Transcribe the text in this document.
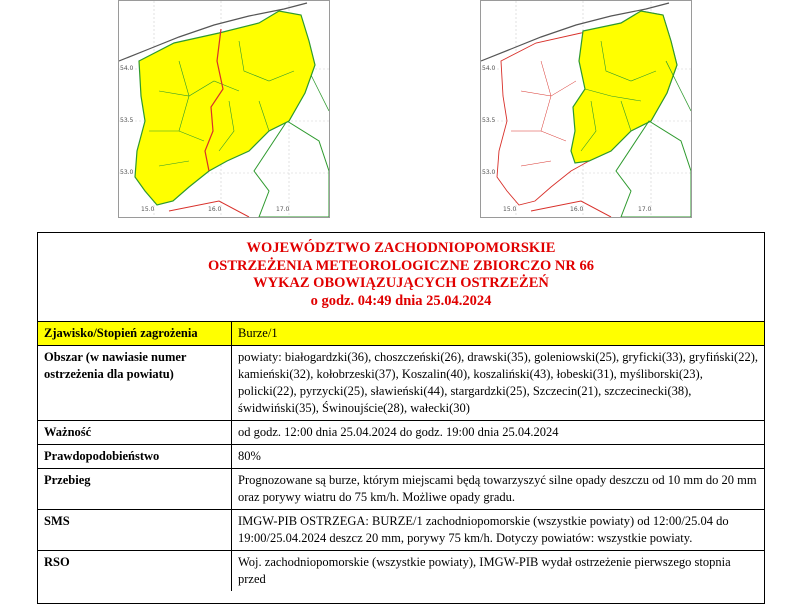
15.0	16.0	17.0
54.0
53.5
53.0
15.0	16.0	17.0
54.0
53.5
53.0
WOJEWÓDZTWO ZACHODNIOPOMORSKIE
OSTRZEŻENIA METEOROLOGICZNE ZBIORCZO NR 66
WYKAZ OBOWIĄZUJĄCYCH OSTRZEŻEŃ
o godz. 04:49 dnia 25.04.2024
Zjawisko/Stopień zagrożenia	Burze/1
Obszar (w nawiasie numer ostrzeżenia dla powiatu)	powiaty: białogardzki(36), choszczeński(26), drawski(35), goleniowski(25), gryficki(33), gryfiński(22), kamieński(32), kołobrzeski(37), Koszalin(40), koszaliński(43), łobeski(31), myśliborski(23), policki(22), pyrzycki(25), sławieński(44), stargardzki(25), Szczecin(21), szczecinecki(38), świdwiński(35), Świnoujście(28), wałecki(30)
Ważność	od godz. 12:00 dnia 25.04.2024 do godz. 19:00 dnia 25.04.2024
Prawdopodobieństwo	80%
Przebieg	Prognozowane są burze, którym miejscami będą towarzyszyć silne opady deszczu od 10 mm do 20 mm oraz porywy wiatru do 75 km/h. Możliwe opady gradu.
SMS	IMGW-PIB OSTRZEGA: BURZE/1 zachodniopomorskie (wszystkie powiaty) od 12:00/25.04 do 19:00/25.04.2024 deszcz 20 mm, porywy 75 km/h. Dotyczy powiatów: wszystkie powiaty.
RSO	Woj. zachodniopomorskie (wszystkie powiaty), IMGW-PIB wydał ostrzeżenie pierwszego stopnia przed
